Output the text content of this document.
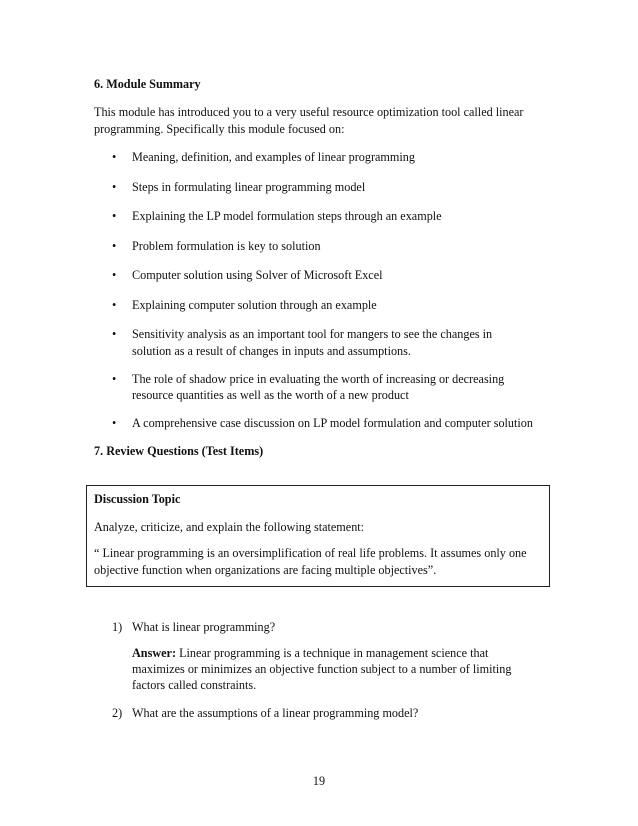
6. Module Summary
This module has introduced you to a very useful resource optimization tool called linear
programming. Specifically this module focused on:
•	Meaning, definition, and examples of linear programming
•	Steps in formulating linear programming model
•	Explaining the LP model formulation steps through an example
•	Problem formulation is key to solution
•	Computer solution using Solver of Microsoft Excel
•	Explaining computer solution through an example
•	Sensitivity analysis as an important tool for mangers to see the changes in
solution as a result of changes in inputs and assumptions.
•	The role of shadow price in evaluating the worth of increasing or decreasing
resource quantities as well as the worth of a new product
•	A comprehensive case discussion on LP model formulation and computer solution
7. Review Questions (Test Items)
Discussion Topic
Analyze, criticize, and explain the following statement:
“ Linear programming is an oversimplification of real life problems. It assumes only one
objective function when organizations are facing multiple objectives”.
1) What is linear programming?
Answer: Linear programming is a technique in management science that
maximizes or minimizes an objective function subject to a number of limiting
factors called constraints.
2) What are the assumptions of a linear programming model?
19
